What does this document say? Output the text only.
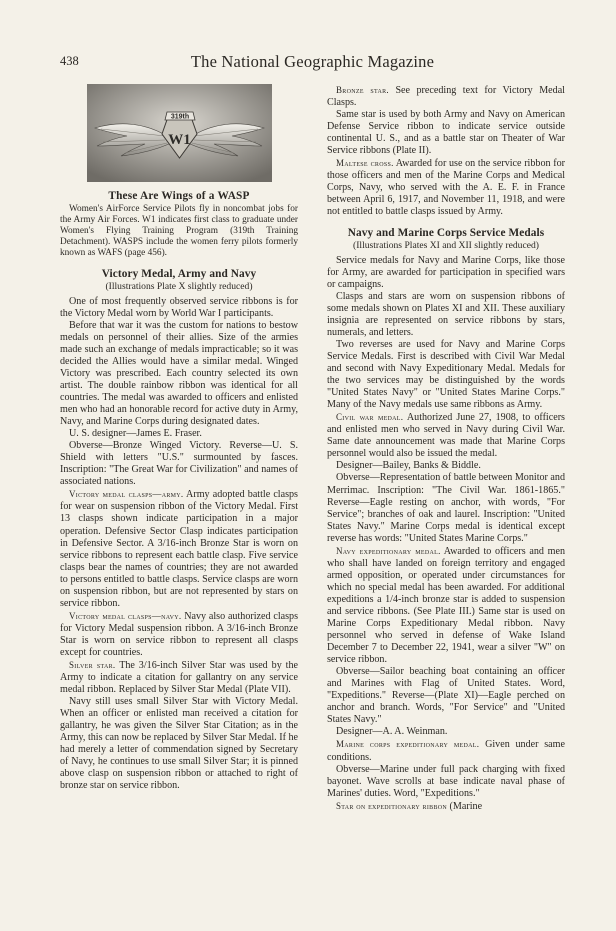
438	The National Geographic Magazine
319th
W1
These Are Wings of a WASP

Women's AirForce Service Pilots fly in noncombat jobs for the Army Air Forces. W1 indicates first class to graduate under Women's Flying Training Program (319th Training Detachment). WASPS include the women ferry pilots formerly known as WAFS (page 456).

Victory Medal, Army and Navy
(Illustrations Plate X slightly reduced)

One of most frequently observed service ribbons is for the Victory Medal worn by World War I participants.

Before that war it was the custom for nations to bestow medals on personnel of their allies. Size of the armies made such an exchange of medals impracticable; so it was decided the Allies would have a similar medal. Winged Victory was prescribed. Each country selected its own artist. The double rainbow ribbon was identical for all countries. The medal was awarded to officers and enlisted men who had an honorable record for active duty in Army, Navy, and Marine Corps during designated dates.

U. S. designer—James E. Fraser.

Obverse—Bronze Winged Victory. Reverse—U. S. Shield with letters "U.S." surmounted by fasces. Inscription: "The Great War for Civilization" and names of associated nations.

Victory medal clasps—army. Army adopted battle clasps for wear on suspension ribbon of the Victory Medal. First 13 clasps shown indicate participation in a major operation. Defensive Sector Clasp indicates participation in Defensive Sector. A 3/16-inch Bronze Star is worn on service ribbons to represent each battle clasp. Five service clasps bear the names of countries; they are not awarded to persons entitled to battle clasps. Service clasps are worn on suspension ribbon, but are not represented by stars on service ribbon.

Victory medal clasps—navy. Navy also authorized clasps for Victory Medal suspension ribbon. A 3/16-inch Bronze Star is worn on service ribbon to represent all clasps except for countries.

Silver star. The 3/16-inch Silver Star was used by the Army to indicate a citation for gallantry on any service medal ribbon. Replaced by Silver Star Medal (Plate VII).

Navy still uses small Silver Star with Victory Medal. When an officer or enlisted man received a citation for gallantry, he was given the Silver Star Citation; as in the Army, this can now be replaced by Silver Star Medal. If he had merely a letter of commendation signed by Secretary of Navy, he continues to use small Silver Star; it is pinned above clasp on suspension ribbon or attached to right of bronze star on service ribbon.

Bronze star. See preceding text for Victory Medal Clasps.

Same star is used by both Army and Navy on American Defense Service ribbon to indicate service outside continental U. S., and as a battle star on Theater of War Service ribbons (Plate II).

Maltese cross. Awarded for use on the service ribbon for those officers and men of the Marine Corps and Medical Corps, Navy, who served with the A. E. F. in France between April 6, 1917, and November 11, 1918, and were not entitled to battle clasps issued by Army.

Navy and Marine Corps Service Medals
(Illustrations Plates XI and XII slightly reduced)

Service medals for Navy and Marine Corps, like those for Army, are awarded for participation in specified wars or campaigns.

Clasps and stars are worn on suspension ribbons of some medals shown on Plates XI and XII. These auxiliary insignia are represented on service ribbons by stars, numerals, and letters.

Two reverses are used for Navy and Marine Corps Service Medals. First is described with Civil War Medal and second with Navy Expeditionary Medal. Medals for the two services may be distinguished by the words "United States Navy" or "United States Marine Corps." Many of the Navy medals use same ribbons as Army.

Civil war medal. Authorized June 27, 1908, to officers and enlisted men who served in Navy during Civil War. Same date announcement was made that Marine Corps personnel would also be issued the medal.

Designer—Bailey, Banks & Biddle.

Obverse—Representation of battle between Monitor and Merrimac. Inscription: "The Civil War. 1861-1865." Reverse—Eagle resting on anchor, with words, "For Service"; branches of oak and laurel. Inscription: "United States Navy." Marine Corps medal is identical except reverse has words: "United States Marine Corps."

Navy expeditionary medal. Awarded to officers and men who shall have landed on foreign territory and engaged armed opposition, or operated under circumstances for which no special medal has been awarded. For additional expeditions a 1/4-inch bronze star is added to suspension and service ribbons. (See Plate III.) Same star is used on Marine Corps Expeditionary Medal ribbon. Navy personnel who served in defense of Wake Island December 7 to December 22, 1941, wear a silver "W" on service ribbon.

Obverse—Sailor beaching boat containing an officer and Marines with Flag of United States. Word, "Expeditions." Reverse—(Plate XI)—Eagle perched on anchor and branch. Words, "For Service" and "United States Navy."

Designer—A. A. Weinman.

Marine corps expeditionary medal. Given under same conditions.

Obverse—Marine under full pack charging with fixed bayonet. Wave scrolls at base indicate naval phase of Marines' duties. Word, "Expeditions."

Star on expeditionary ribbon (Marine
